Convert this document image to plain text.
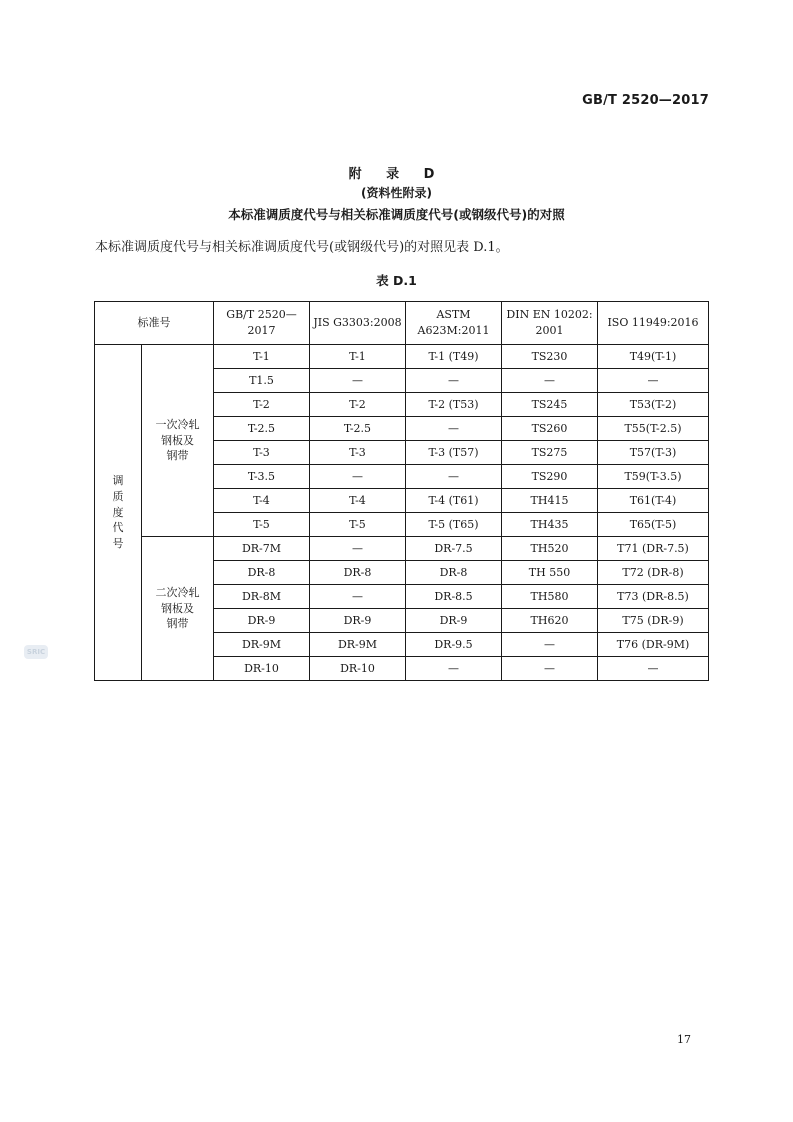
GB/T 2520—2017
附 录 D
(资料性附录)
本标准调质度代号与相关标准调质度代号(或钢级代号)的对照
本标准调质度代号与相关标准调质度代号(或钢级代号)的对照见表 D.1。
表 D.1
标准号		GB/T 2520—
2017	JIS G3303:2008	ASTM
A623M:2011	DIN EN 10202:
2001	ISO 11949:2016

调
质
度
代
号	一次冷轧
钢板及
钢带	T-1	T-1	T-1 (T49)	TS230	T49(T-1)
		T1.5	—	—	—	—
		T-2	T-2	T-2 (T53)	TS245	T53(T-2)
		T-2.5	T-2.5	—	TS260	T55(T-2.5)
		T-3	T-3	T-3 (T57)	TS275	T57(T-3)
		T-3.5	—	—	TS290	T59(T-3.5)
		T-4	T-4	T-4 (T61)	TH415	T61(T-4)
		T-5	T-5	T-5 (T65)	TH435	T65(T-5)

	二次冷轧
钢板及
钢带	DR-7M	—	DR-7.5	TH520	T71 (DR-7.5)
		DR-8	DR-8	DR-8	TH 550	T72 (DR-8)
		DR-8M	—	DR-8.5	TH580	T73 (DR-8.5)
		DR-9	DR-9	DR-9	TH620	T75 (DR-9)
		DR-9M	DR-9M	DR-9.5	—	T76 (DR-9M)
		DR-10	DR-10	—	—	—
SRIC
17
